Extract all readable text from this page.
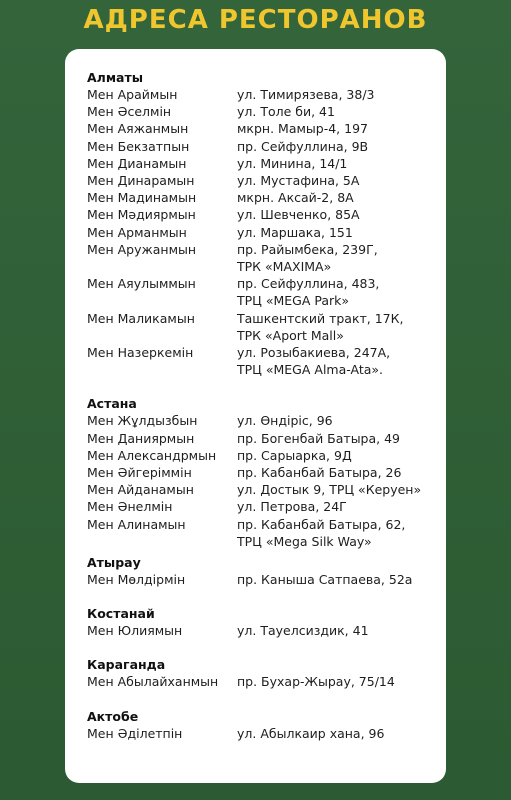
АДРЕСА РЕСТОРАНОВ
Алматы
Мен Араймын	ул. Тимирязева, 38/3
Мен Әселмін	ул. Толе би, 41
Мен Аяжанмын	мкрн. Мамыр-4, 197
Мен Бекзатпын	пр. Сейфуллина, 9В
Мен Дианамын	ул. Минина, 14/1
Мен Динарамын	ул. Мустафина, 5А
Мен Мадинамын	мкрн. Аксай-2, 8А
Мен Мәдиярмын	ул. Шевченко, 85А
Мен Арманмын	ул. Маршака, 151
Мен Аружанмын	пр. Райымбека, 239Г,
ТРК «MAXIMA»
Мен Аяулыммын	пр. Сейфуллина, 483,
ТРЦ «MEGA Park»
Мен Маликамын	Ташкентский тракт, 17К,
ТРК «Aport Mall»
Мен Назеркемін	ул. Розыбакиева, 247А,
ТРЦ «MEGA Alma-Ata».
Астана
Мен Жұлдызбын	ул. Өндіріс, 96
Мен Данияpмын	пр. Богенбай Батыра, 49
Мен Александрмын	пр. Сарыарка, 9Д
Мен Әйгеріммін	пр. Кабанбай Батыра, 26
Мен Айданамын	ул. Достык 9, ТРЦ «Керуен»
Мен Әнелмін	ул. Петрова, 24Г
Мен Алинамын	пр. Кабанбай Батыра, 62,
ТРЦ «Mega Silk Way»
Атырау
Мен Мөлдірмін	пр. Каныша Сатпаева, 52а
Костанай
Мен Юлиямын	ул. Тауелсиздик, 41
Караганда
Мен Абылайханмын	пр. Бухар-Жырау, 75/14
Актобе
Мен Әділетпін	ул. Абылкаир хана, 96
